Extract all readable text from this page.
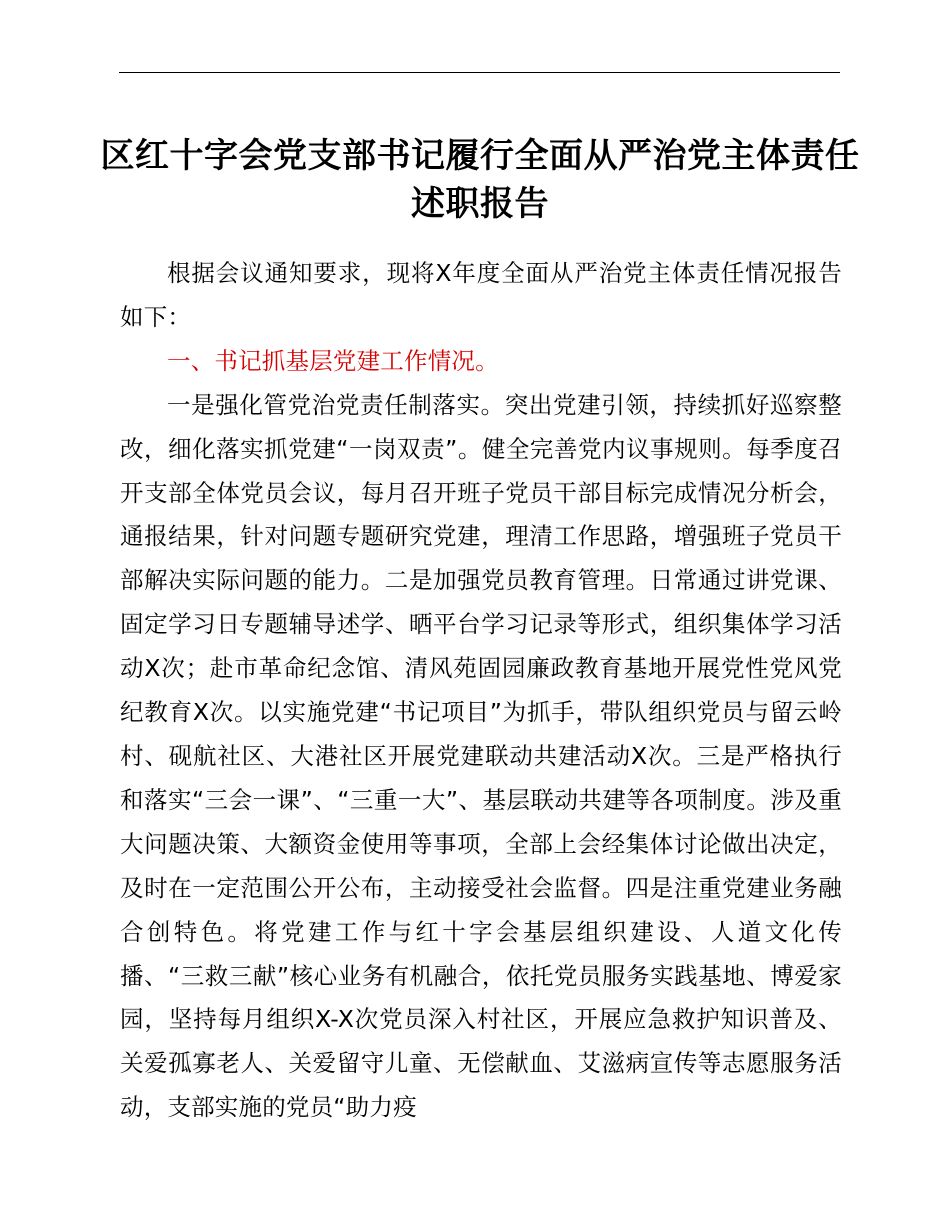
区红十字会党支部书记履行全面从严治党主体责任述职报告

根据会议通知要求，现将X年度全面从严治党主体责任情况报告如下：

一、书记抓基层党建工作情况。

一是强化管党治党责任制落实。突出党建引领，持续抓好巡察整改，细化落实抓党建“一岗双责”。健全完善党内议事规则。每季度召开支部全体党员会议，每月召开班子党员干部目标完成情况分析会，通报结果，针对问题专题研究党建，理清工作思路，增强班子党员干部解决实际问题的能力。二是加强党员教育管理。日常通过讲党课、固定学习日专题辅导述学、晒平台学习记录等形式，组织集体学习活动X次；赴市革命纪念馆、清风苑固园廉政教育基地开展党性党风党纪教育X次。以实施党建“书记项目”为抓手，带队组织党员与留云岭村、砚航社区、大港社区开展党建联动共建活动X次。三是严格执行和落实“三会一课”、“三重一大”、基层联动共建等各项制度。涉及重大问题决策、大额资金使用等事项，全部上会经集体讨论做出决定，及时在一定范围公开公布，主动接受社会监督。四是注重党建业务融合创特色。将党建工作与红十字会基层组织建设、人道文化传播、“三救三献”核心业务有机融合，依托党员服务实践基地、博爱家园，坚持每月组织X-X次党员深入村社区，开展应急救护知识普及、关爱孤寡老人、关爱留守儿童、无偿献血、艾滋病宣传等志愿服务活动，支部实施的党员“助力疫
